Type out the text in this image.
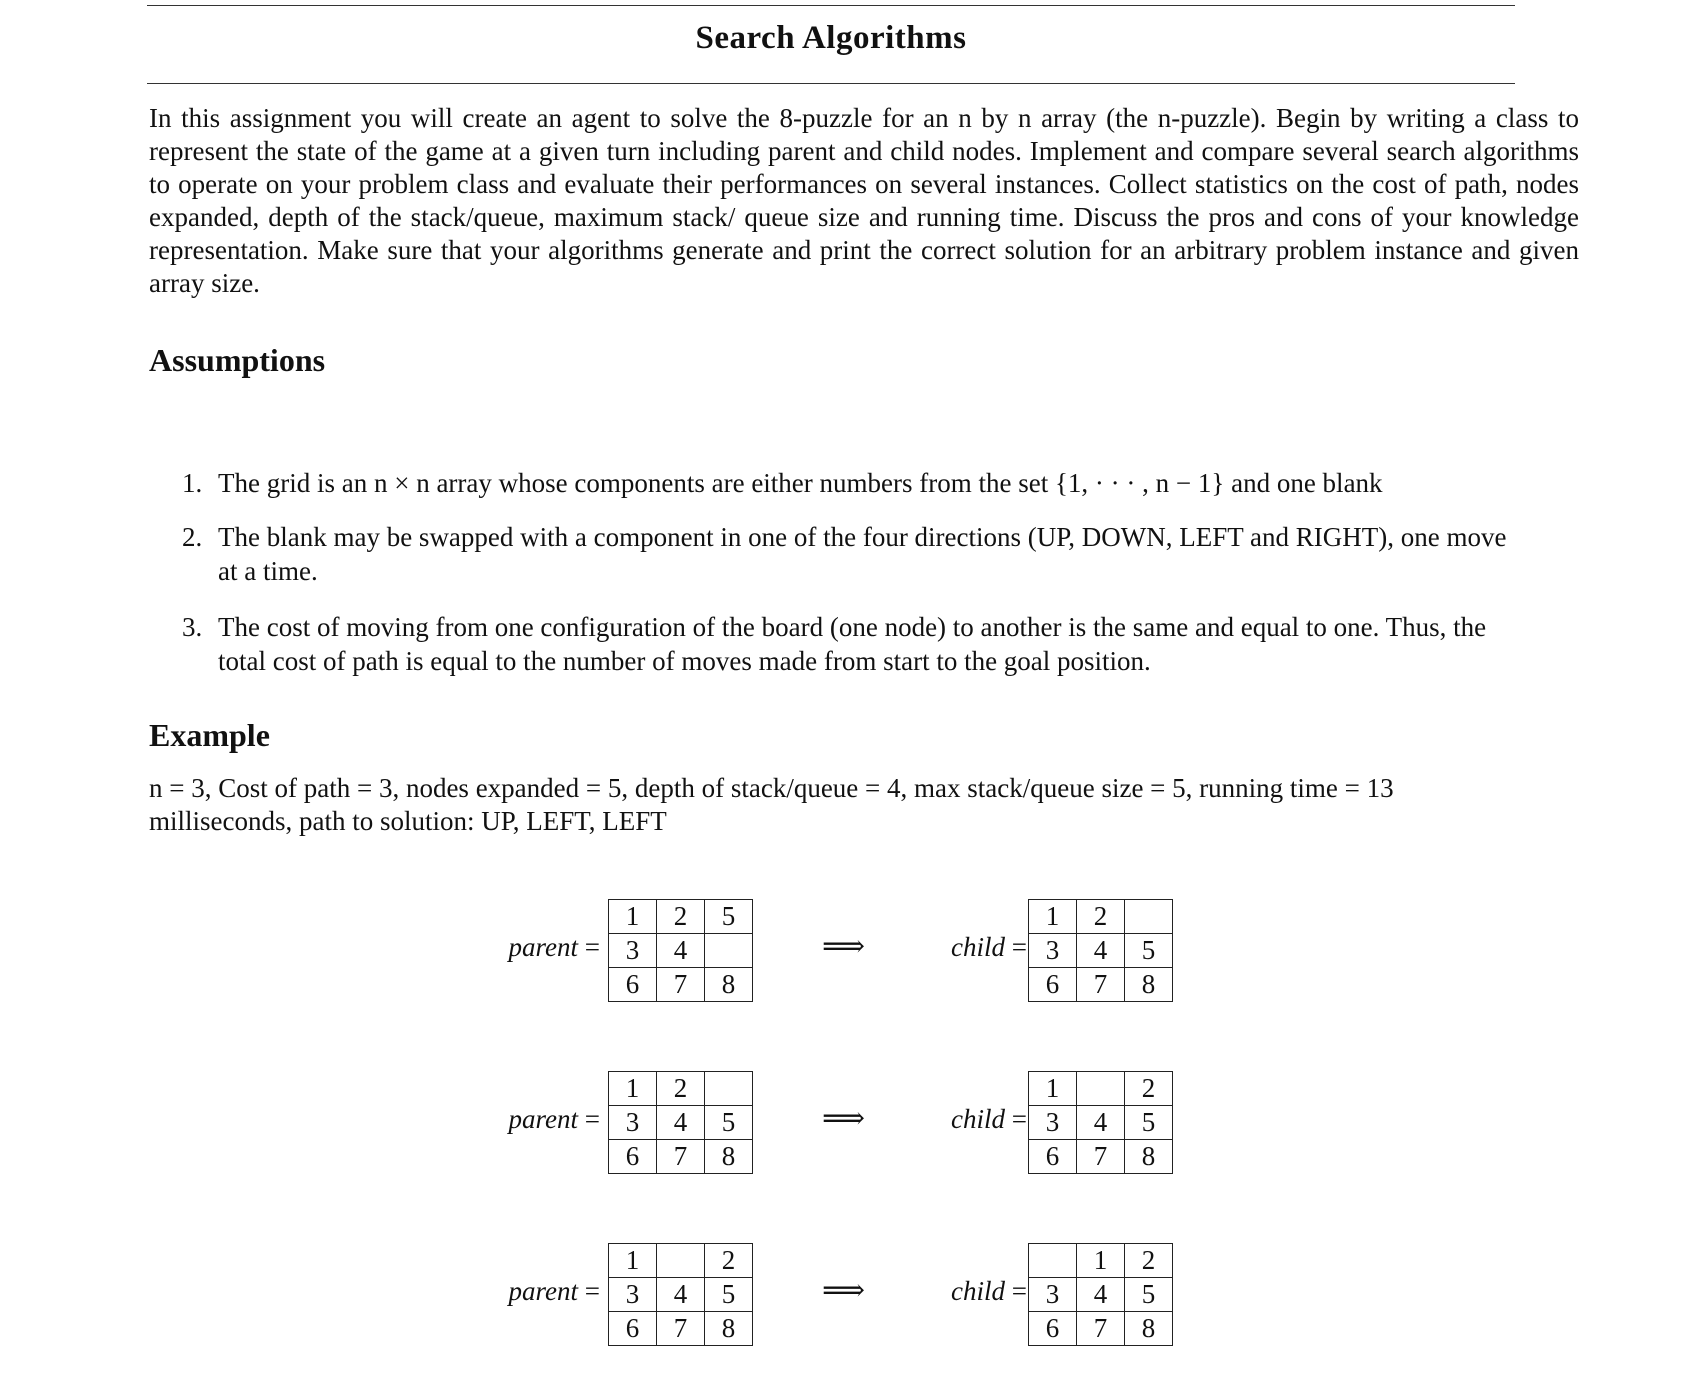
Search Algorithms
In this assignment you will create an agent to solve the 8-puzzle for an n by n array (the n-puzzle). Begin by writing a class to represent the state of the game at a given turn including parent and child nodes. Implement and compare several search algorithms to operate on your problem class and evaluate their performances on several instances. Collect statistics on the cost of path, nodes expanded, depth of the stack/queue, maximum stack/ queue size and running time. Discuss the pros and cons of your knowledge representation. Make sure that your algorithms generate and print the correct solution for an arbitrary problem instance and given array size.
Assumptions
1. The grid is an n × n array whose components are either numbers from the set {1, · · · , n − 1} and one blank
2. The blank may be swapped with a component in one of the four directions (UP, DOWN, LEFT and RIGHT), one move at a time.
3. The cost of moving from one configuration of the board (one node) to another is the same and equal to one. Thus, the total cost of path is equal to the number of moves made from start to the goal position.
Example
n = 3, Cost of path = 3, nodes expanded = 5, depth of stack/queue = 4, max stack/queue size = 5, running time = 13 milliseconds, path to solution: UP, LEFT, LEFT
parent =
1	2	5
3	4	
6	7	8
⟹	child =
1	2	
3	4	5
6	7	8
parent =
1	2	
3	4	5
6	7	8
⟹	child =
1		2
3	4	5
6	7	8
parent =
1		2
3	4	5
6	7	8
⟹	child =
	1	2
3	4	5
6	7	8
